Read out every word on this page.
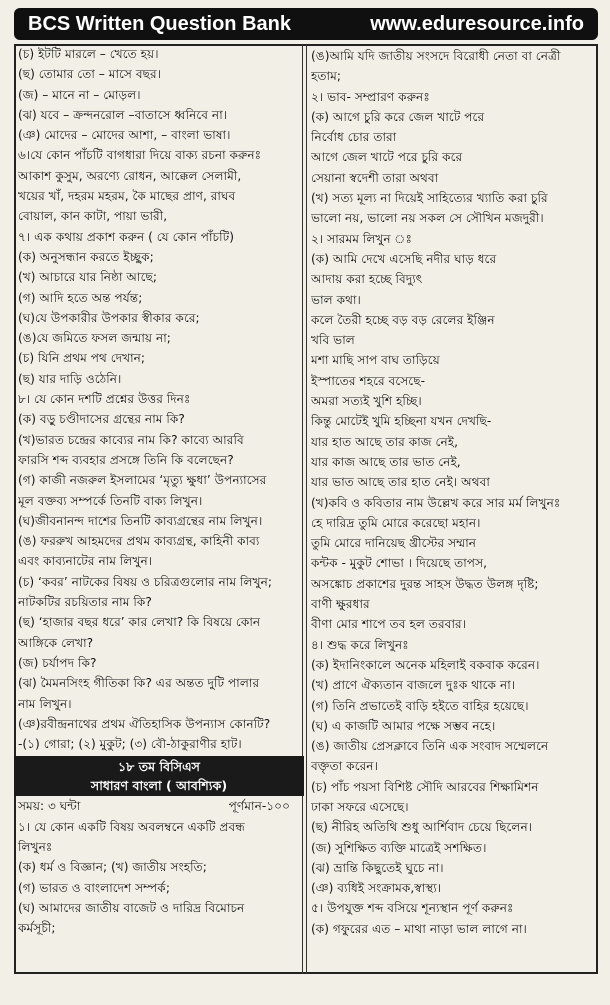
BCS Written Question Bank	www.eduresource.info
(চ) ইটটি মারলে – খেতে হয়।
(ছ) তোমার তো – মাসে বছর।
(জ) – মানে না – মোড়ল।
(ঝ) যবে – ক্রন্দনরোল –বাতাসে ধ্বনিবে না।
(ঞ) মোদের – মোদের আশা, – বাংলা ভাষা।
৬।যে কোন পাঁচটি বাগধারা দিয়ে বাক্য রচনা করুনঃ
আকাশ কুসুম, অরণ্যে রোধন, আক্কেল সেলামী,
খয়ের খাঁ, দহরম মহরম, কৈ মাছের প্রাণ, রাঘব
বোয়াল, কান কাটা, পায়া ভারী,
৭। এক কথায় প্রকাশ করুন ( যে কোন পাঁচটি)
(ক) অনুসন্ধান করতে ইচ্ছুক;
(খ) আচারে যার নিষ্ঠা আছে;
(গ) আদি হতে অন্ত পর্যন্ত;
(ঘ)যে উপকারীর উপকার স্বীকার করে;
(ঙ)যে জমিতে ফসল জন্মায় না;
(চ) যিনি প্রথম পথ দেখান;
(ছ) যার দাড়ি ওঠেনি।
৮। যে কোন দশটি প্রশ্নের উত্তর দিনঃ
(ক) বড়ু চণ্ডীদাসের গ্রন্থের নাম কি?
(খ)ভারত চন্দ্রের কাব্যের নাম কি? কাব্যে আরবি
ফারসি শব্দ ব্যবহার প্রসঙ্গে তিনি কি বলেছেন?
(গ) কাজী নজরুল ইসলামের ‘মৃত্যু ক্ষুধা’ উপন্যাসের
মূল বক্তব্য সম্পর্কে তিনটি বাক্য লিখুন।
(ঘ)জীবনানন্দ দাশের তিনটি কাব্যগ্রন্থের নাম লিখুন।
(ঙ) ফররুখ আহমদের প্রথম কাব্যগ্রন্থ, কাহিনী কাব্য
এবং কাব্যনাটের নাম লিখুন।
(চ) ‘কবর’ নাটকের বিষয় ও চরিত্রগুলোর নাম লিখুন;
নাটকটির রচয়িতার নাম কি?
(ছ) ‘হাজার বছর ধরে’ কার লেখা? কি বিষয়ে কোন
আঙ্গিকে লেখা?
(জ) চর্যাপদ কি?
(ঝ) মৈমনসিংহ গীতিকা কি? এর অন্তত দুটি পালার
নাম লিখুন।
(ঞ)রবীন্দ্রনাথের প্রথম ঐতিহাসিক উপন্যাস কোনটি?
-(১) গোরা; (২) মুকুট; (৩) বৌ-ঠাকুরাণীর হাট।
১৮ তম বিসিএস
সাধারণ বাংলা ( আবশ্যিক)
সময়: ৩ ঘন্টা	পূর্ণমান-১০০
১। যে কোন একটি বিষয় অবলম্বনে একটি প্রবন্ধ
লিখুনঃ
(ক) ধর্ম ও বিজ্ঞান; (খ) জাতীয় সংহতি;
(গ) ভারত ও বাংলাদেশ সম্পর্ক;
(ঘ) আমাদের জাতীয় বাজেট ও দারিদ্র বিমোচন
কর্মসূচী;
(ঙ)আমি যদি জাতীয় সংসদে বিরোধী নেতা বা নেত্রী
হতাম;
২। ভাব- সম্প্রারণ করুনঃ
(ক) আগে চুরি করে জেল খাটে পরে
নির্বোধ চোর তারা
আগে জেল খাটে পরে চুরি করে
সেয়ানা স্বদেশী তারা অথবা
(খ) সত্য মূল্য না দিয়েই সাহিত্যের খ্যাতি করা চুরি
ভালো নয়, ভালো নয় সকল সে সৌখিন মজদুরী।
২। সারমম লিখুন ঃ
(ক) আমি দেখে এসেছি নদীর ঘাড় ধরে
আদায় করা হচ্ছে বিদ্যুৎ
ভাল কথা।
কলে তৈরী হচ্ছে বড় বড় রেলের ইঞ্জিন
খবি ভাল
মশা মাছি সাপ বাঘ তাড়িয়ে
ইস্পাতের শহরে বসেছে-
অমরা সত্যই খুশি হচ্ছি।
কিন্তু মোটেই খুমি হচ্ছিনা যখন দেখছি-
যার হাত আছে তার কাজ নেই,
যার কাজ আছে তার ভাত নেই,
যার ভাত আছে তার হাত নেই। অথবা
(খ)কবি ও কবিতার নাম উল্লেখ করে সার মর্ম লিখুনঃ
হে দারিদ্র তুমি মোরে করেছো মহান।
তুমি মোরে দানিয়েছ খ্রীস্টের সম্মান
কন্টক - মুকুট শোভা । দিয়েছে তাপস,
অসঙ্কোচ প্রকাশের দুরন্ত সাহস উদ্ধত উলঙ্গ দৃষ্টি;
বাণী ক্ষুরধার
বীণা মোর শাপে তব হল তরবার।
৪। শুদ্ধ করে লিখুনঃ
(ক) ইদানিংকালে অনেক মহিলাই বকবাক করেন।
(খ) প্রাণে ঐক্যতান বাজলে দুঃক থাকে না।
(গ) তিনি প্রভাতেই বাড়ি হইতে বাহির হয়েছে।
(ঘ) এ কাজটি আমার পক্ষে সম্ভব নহে।
(ঙ) জাতীয় প্রেসক্লাবে তিনি এক সংবাদ সম্মেলনে
বক্তৃতা করেন।
(চ) পাঁচ পয়সা বিশিষ্ট সৌদি আরবের শিক্ষামিশন
ঢাকা সফরে এসেছে।
(ছ) নীরিহ অতিথি শুধু আর্শিবাদ চেয়ে ছিলেন।
(জ) সুশিক্ষিত ব্যক্তি মাত্রেই সশক্ষিত।
(ঝ) ভ্রান্তি কিছুতেই ঘুচে না।
(ঞ) ব্যধিই সংক্রামক,স্বাস্থ্য।
৫। উপযুক্ত শব্দ বসিয়ে শূন্যস্থান পূর্ণ করুনঃ
(ক) গফুরের এত – মাথা নাড়া ভাল লাগে না।
